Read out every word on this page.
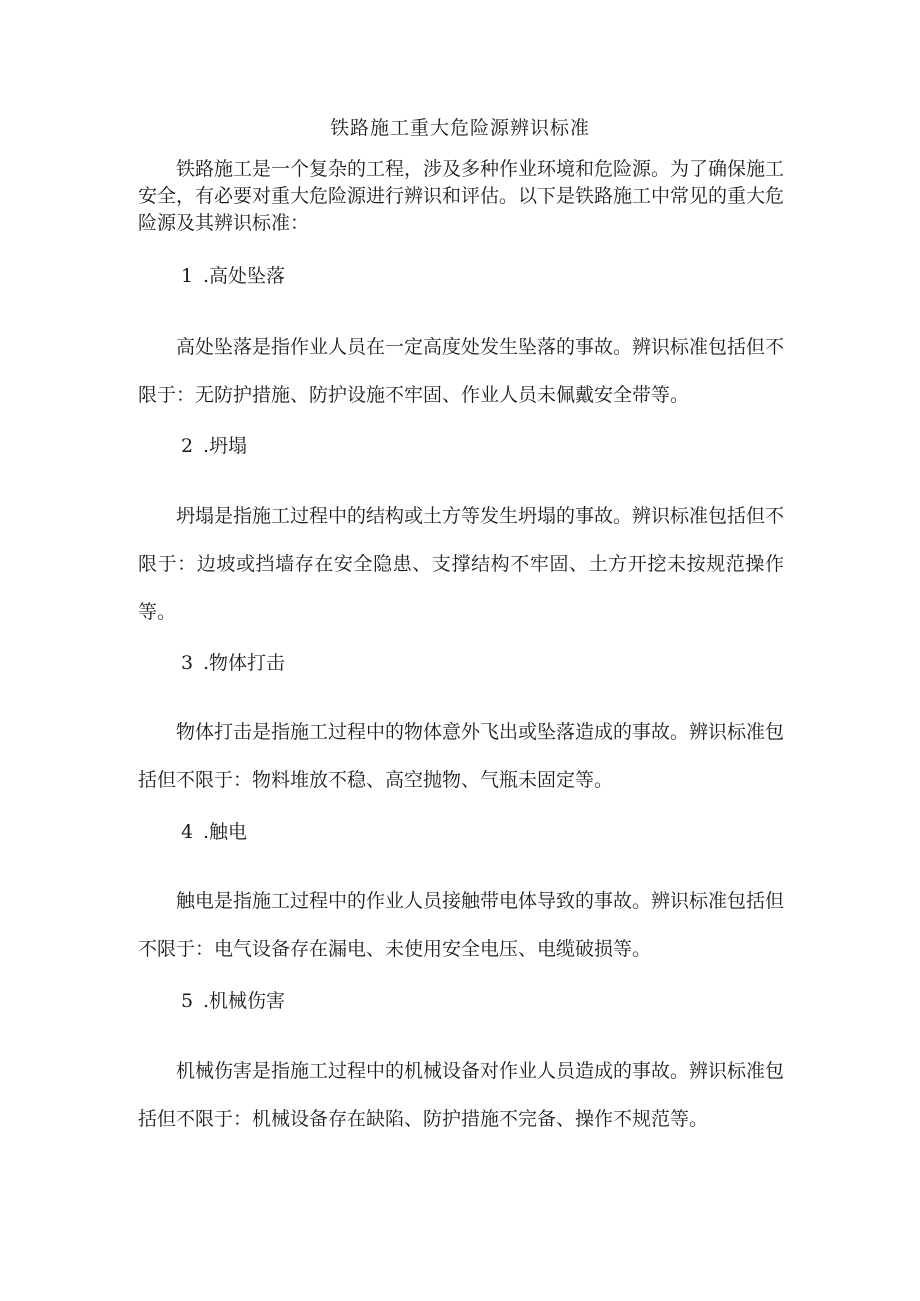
铁路施工重大危险源辨识标准

铁路施工是一个复杂的工程，涉及多种作业环境和危险源。为了确保施工安全，有必要对重大危险源进行辨识和评估。以下是铁路施工中常见的重大危险源及其辨识标准：

1 .高处坠落

高处坠落是指作业人员在一定高度处发生坠落的事故。辨识标准包括但不限于：无防护措施、防护设施不牢固、作业人员未佩戴安全带等。

2 .坍塌

坍塌是指施工过程中的结构或土方等发生坍塌的事故。辨识标准包括但不限于：边坡或挡墙存在安全隐患、支撑结构不牢固、土方开挖未按规范操作等。

3 .物体打击

物体打击是指施工过程中的物体意外飞出或坠落造成的事故。辨识标准包括但不限于：物料堆放不稳、高空抛物、气瓶未固定等。

4 .触电

触电是指施工过程中的作业人员接触带电体导致的事故。辨识标准包括但不限于：电气设备存在漏电、未使用安全电压、电缆破损等。

5 .机械伤害

机械伤害是指施工过程中的机械设备对作业人员造成的事故。辨识标准包括但不限于：机械设备存在缺陷、防护措施不完备、操作不规范等。
